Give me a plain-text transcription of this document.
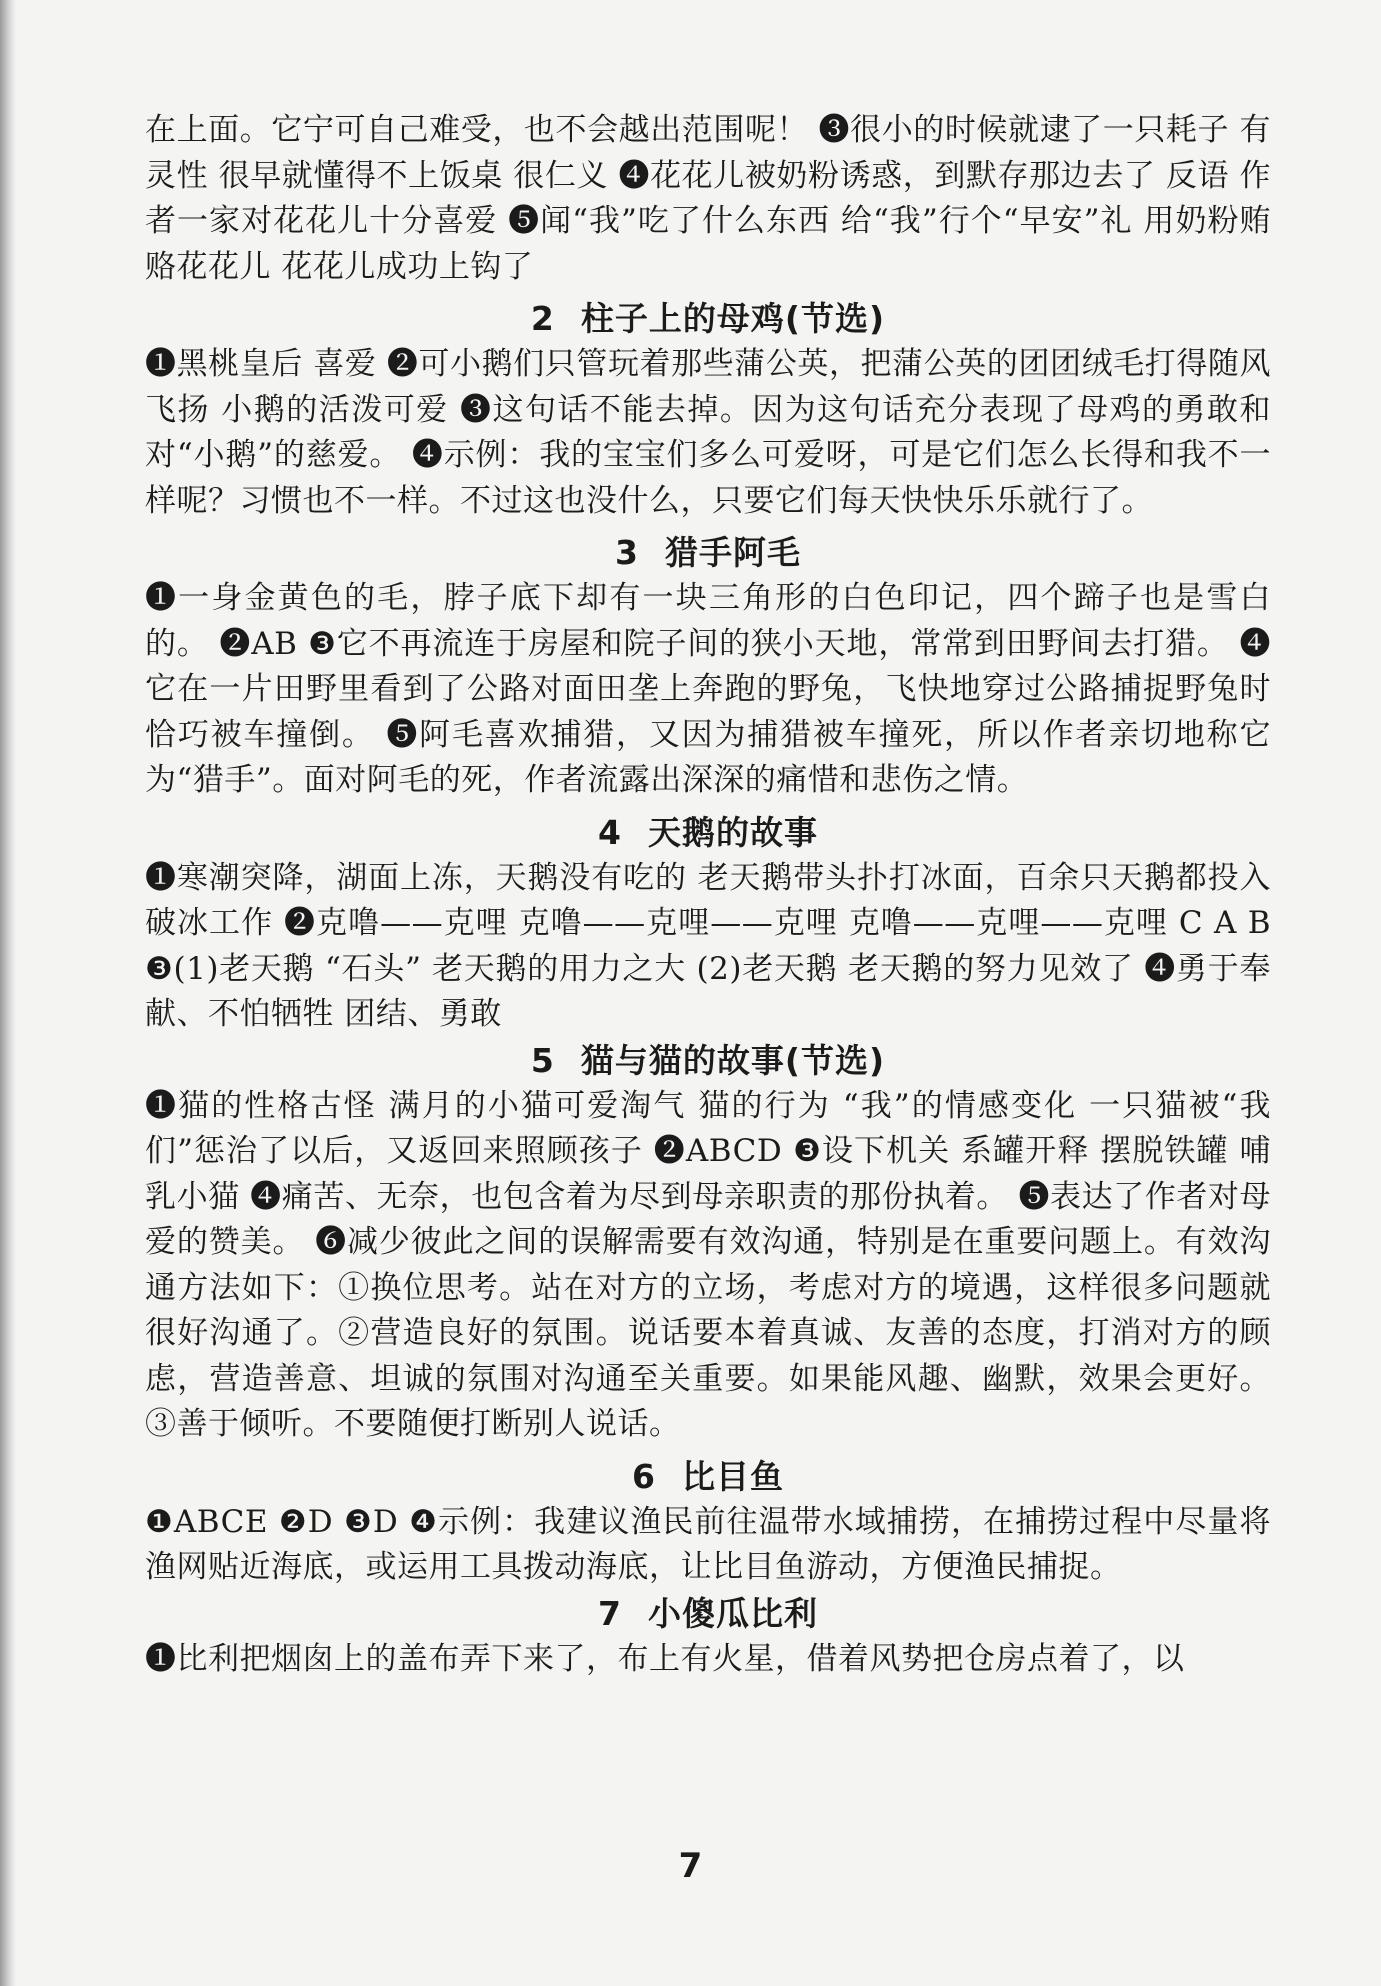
在上面。它宁可自己难受，也不会越出范围呢！ ❸很小的时候就逮了一只耗子 有灵性 很早就懂得不上饭桌 很仁义 ❹花花儿被奶粉诱惑，到默存那边去了 反语 作者一家对花花儿十分喜爱 ❺闻“我”吃了什么东西 给“我”行个“早安”礼 用奶粉贿赂花花儿 花花儿成功上钩了

2 柱子上的母鸡(节选)

❶黑桃皇后 喜爱 ❷可小鹅们只管玩着那些蒲公英，把蒲公英的团团绒毛打得随风飞扬 小鹅的活泼可爱 ❸这句话不能去掉。因为这句话充分表现了母鸡的勇敢和对“小鹅”的慈爱。 ❹示例：我的宝宝们多么可爱呀，可是它们怎么长得和我不一样呢？习惯也不一样。不过这也没什么，只要它们每天快快乐乐就行了。

3 猎手阿毛

❶一身金黄色的毛，脖子底下却有一块三角形的白色印记，四个蹄子也是雪白的。 ❷AB ❸它不再流连于房屋和院子间的狭小天地，常常到田野间去打猎。 ❹它在一片田野里看到了公路对面田垄上奔跑的野兔，飞快地穿过公路捕捉野兔时恰巧被车撞倒。 ❺阿毛喜欢捕猎，又因为捕猎被车撞死，所以作者亲切地称它为“猎手”。面对阿毛的死，作者流露出深深的痛惜和悲伤之情。

4 天鹅的故事

❶寒潮突降，湖面上冻，天鹅没有吃的 老天鹅带头扑打冰面，百余只天鹅都投入破冰工作 ❷克噜——克哩 克噜——克哩——克哩 克噜——克哩——克哩 C A B ❸(1)老天鹅 “石头” 老天鹅的用力之大 (2)老天鹅 老天鹅的努力见效了 ❹勇于奉献、不怕牺牲 团结、勇敢

5 猫与猫的故事(节选)

❶猫的性格古怪 满月的小猫可爱淘气 猫的行为 “我”的情感变化 一只猫被“我们”惩治了以后，又返回来照顾孩子 ❷ABCD ❸设下机关 系罐开释 摆脱铁罐 哺乳小猫 ❹痛苦、无奈，也包含着为尽到母亲职责的那份执着。 ❺表达了作者对母爱的赞美。 ❻减少彼此之间的误解需要有效沟通，特别是在重要问题上。有效沟通方法如下：①换位思考。站在对方的立场，考虑对方的境遇，这样很多问题就很好沟通了。②营造良好的氛围。说话要本着真诚、友善的态度，打消对方的顾虑，营造善意、坦诚的氛围对沟通至关重要。如果能风趣、幽默，效果会更好。③善于倾听。不要随便打断别人说话。

6 比目鱼

❶ABCE ❷D ❸D ❹示例：我建议渔民前往温带水域捕捞，在捕捞过程中尽量将渔网贴近海底，或运用工具拨动海底，让比目鱼游动，方便渔民捕捉。

7 小傻瓜比利

❶比利把烟囱上的盖布弄下来了，布上有火星，借着风势把仓房点着了，以

7
